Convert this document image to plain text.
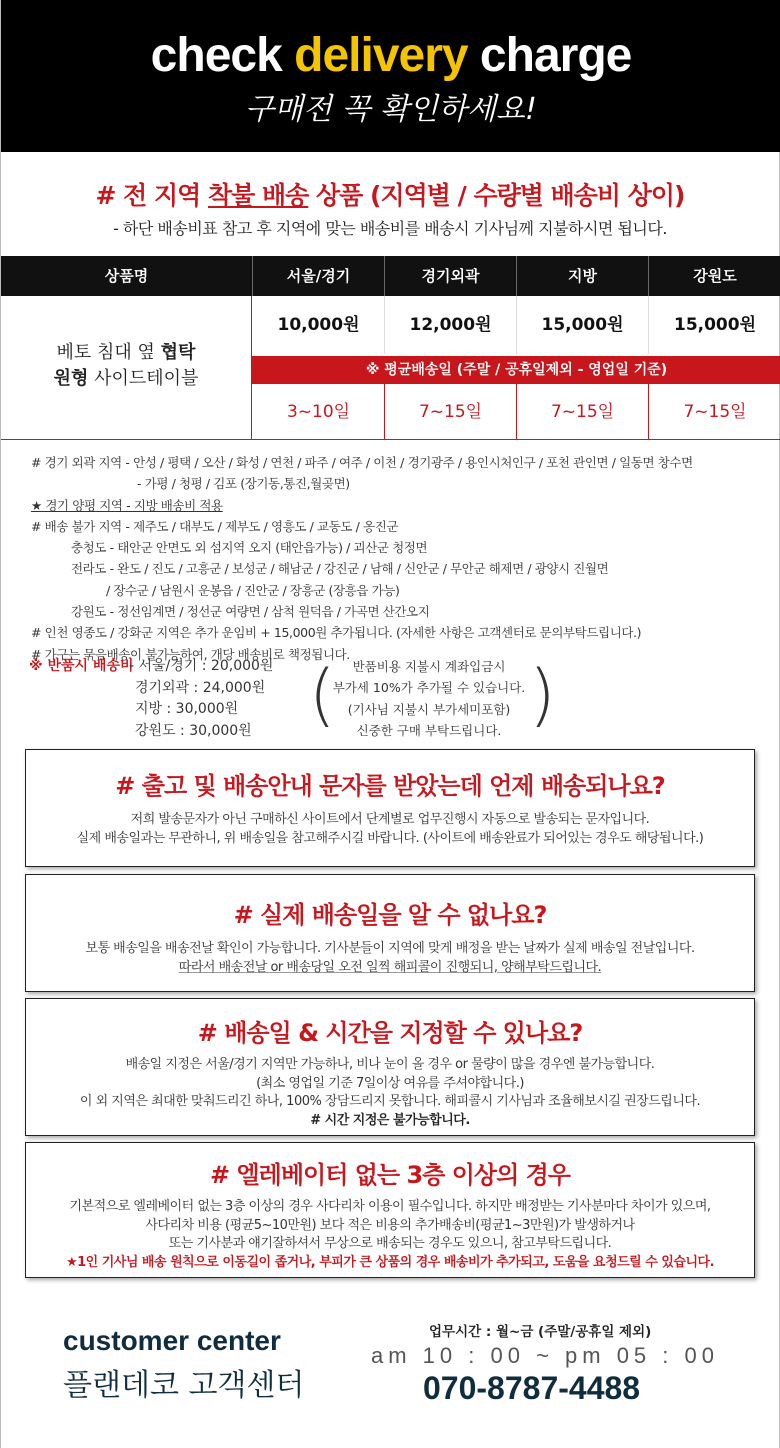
check delivery charge
구매전 꼭 확인하세요!
# 전 지역 착불 배송 상품 (지역별 / 수량별 배송비 상이)
- 하단 배송비표 참고 후 지역에 맞는 배송비를 배송시 기사님께 지불하시면 됩니다.
상품명	서울/경기	경기외곽	지방	강원도
베토 침대 옆 협탁
원형 사이드테이블
10,000원	12,000원	15,000원	15,000원
※ 평균배송일 (주말 / 공휴일제외 - 영업일 기준)
3~10일	7~15일	7~15일	7~15일
# 경기 외곽 지역 - 안성 / 평택 / 오산 / 화성 / 연천 / 파주 / 여주 / 이천 / 경기광주 / 용인시처인구 / 포천 관인면 / 일동면 창수면
- 가평 / 청평 / 김포 (장기동,통진,월곶면)
★ 경기 양평 지역 - 지방 배송비 적용
# 배송 불가 지역 - 제주도 / 대부도 / 제부도 / 영흥도 / 교동도 / 옹진군
충청도 - 태안군 안면도 외 섬지역 오지 (태안읍가능) / 괴산군 청정면
전라도 - 완도 / 진도 / 고흥군 / 보성군 / 해남군 / 강진군 / 남해 / 신안군 / 무안군 해제면 / 광양시 진월면
/ 장수군 / 남원시 운봉읍 / 진안군 / 장흥군 (장흥읍 가능)
강원도 - 정선임계면 / 정선군 여량면 / 삼척 원덕읍 / 가곡면 산간오지
# 인천 영종도 / 강화군 지역은 추가 운임비 + 15,000원 추가됩니다. (자세한 사항은 고객센터로 문의부탁드립니다.)
# 가구는 묶음배송이 불가능하여, 개당 배송비로 책정됩니다.
※ 반품시 배송비
- 서울/경기 : 20,000원
경기외곽 : 24,000원
지방 : 30,000원
강원도 : 30,000원 (	반품비용 지불시 계좌입금시
부가세 10%가 추가될 수 있습니다.
(기사님 지불시 부가세미포함)
신중한 구매 부탁드립니다. )
# 출고 및 배송안내 문자를 받았는데 언제 배송되나요?
저희 발송문자가 아닌 구매하신 사이트에서 단계별로 업무진행시 자동으로 발송되는 문자입니다.
실제 배송일과는 무관하니, 위 배송일을 참고해주시길 바랍니다. (사이트에 배송완료가 되어있는 경우도 해당됩니다.)
# 실제 배송일을 알 수 없나요?
보통 배송일을 배송전날 확인이 가능합니다. 기사분들이 지역에 맞게 배정을 받는 날짜가 실제 배송일 전날입니다.
따라서 배송전날 or 배송당일 오전 일찍 해피콜이 진행되니, 양해부탁드립니다.
# 배송일 & 시간을 지정할 수 있나요?
배송일 지정은 서울/경기 지역만 가능하나, 비나 눈이 올 경우 or 물량이 많을 경우엔 불가능합니다.
(최소 영업일 기준 7일이상 여유를 주셔야합니다.)
이 외 지역은 최대한 맞춰드리긴 하나, 100% 장담드리지 못합니다. 해피콜시 기사님과 조율해보시길 권장드립니다.
# 시간 지정은 불가능합니다.
# 엘레베이터 없는 3층 이상의 경우
기본적으로 엘레베이터 없는 3층 이상의 경우 사다리차 이용이 필수입니다. 하지만 배정받는 기사분마다 차이가 있으며,
사다리차 비용 (평균5~10만원) 보다 적은 비용의 추가배송비(평균1~3만원)가 발생하거나
또는 기사분과 얘기잘하셔서 무상으로 배송되는 경우도 있으니, 참고부탁드립니다.
★1인 기사님 배송 원칙으로 이동길이 좁거나, 부피가 큰 상품의 경우 배송비가 추가되고, 도움을 요청드릴 수 있습니다.
customer center
플랜데코 고객센터
업무시간 : 월~금 (주말/공휴일 제외)
am 10 : 00 ~ pm 05 : 00
070-8787-4488
